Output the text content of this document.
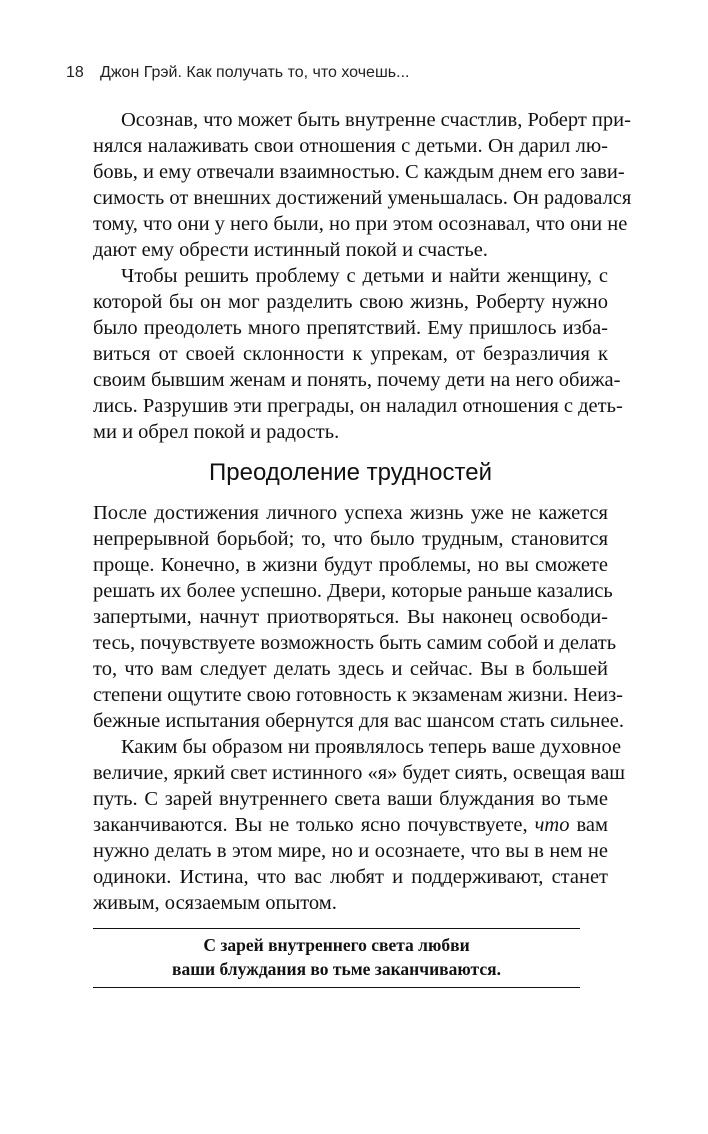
18 Джон Грэй. Как получать то, что хочешь...
Осознав, что может быть внутренне счастлив, Роберт при-
нялся налаживать свои отношения с детьми. Он дарил лю-
бовь, и ему отвечали взаимностью. С каждым днем его зави-
симость от внешних достижений уменьшалась. Он радовался
тому, что они у него были, но при этом осознавал, что они не
дают ему обрести истинный покой и счастье.
Чтобы решить проблему с детьми и найти женщину, с
которой бы он мог разделить свою жизнь, Роберту нужно
было преодолеть много препятствий. Ему пришлось изба-
виться от своей склонности к упрекам, от безразличия к
своим бывшим женам и понять, почему дети на него обижа-
лись. Разрушив эти преграды, он наладил отношения с деть-
ми и обрел покой и радость.
Преодоление трудностей
После достижения личного успеха жизнь уже не кажется
непрерывной борьбой; то, что было трудным, становится
проще. Конечно, в жизни будут проблемы, но вы сможете
решать их более успешно. Двери, которые раньше казались
запертыми, начнут приотворяться. Вы наконец освободи-
тесь, почувствуете возможность быть самим собой и делать
то, что вам следует делать здесь и сейчас. Вы в большей
степени ощутите свою готовность к экзаменам жизни. Неиз-
бежные испытания обернутся для вас шансом стать сильнее.
Каким бы образом ни проявлялось теперь ваше духовное
величие, яркий свет истинного «я» будет сиять, освещая ваш
путь. С зарей внутреннего света ваши блуждания во тьме
заканчиваются. Вы не только ясно почувствуете, что вам
нужно делать в этом мире, но и осознаете, что вы в нем не
одиноки. Истина, что вас любят и поддерживают, станет
живым, осязаемым опытом.
С зарей внутреннего света любви
ваши блуждания во тьме заканчиваются.
